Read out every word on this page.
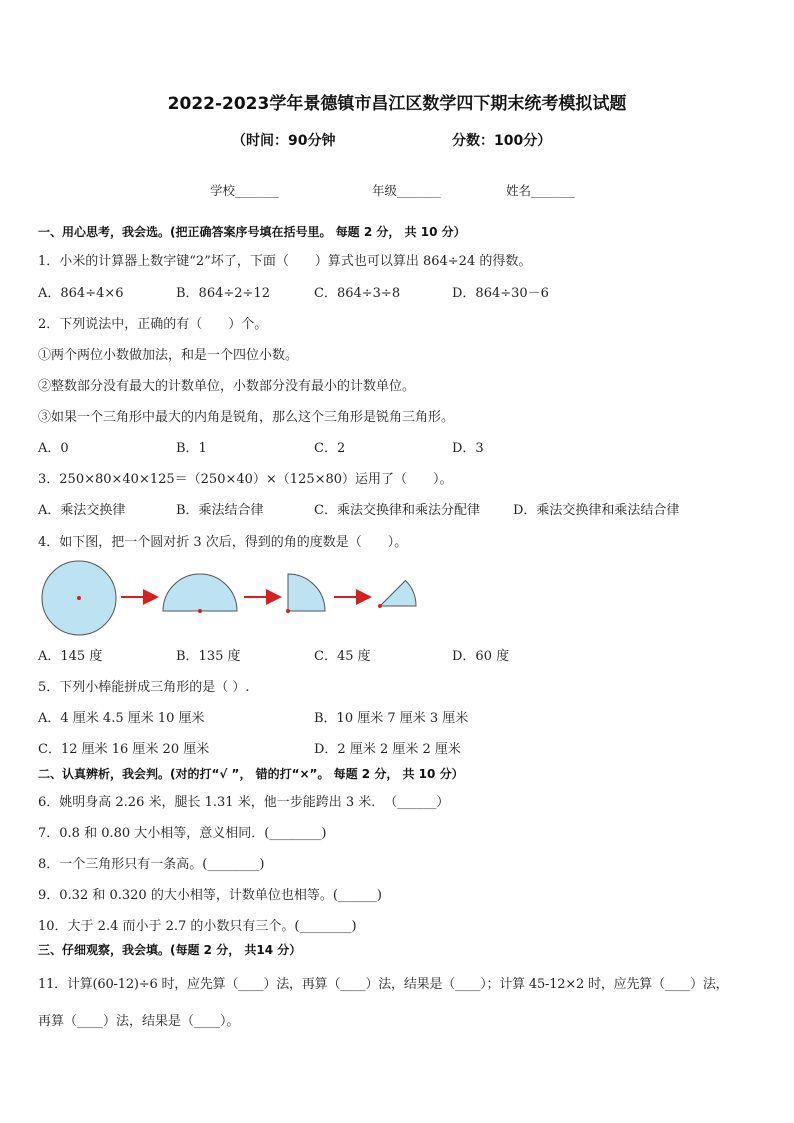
2022-2023学年景德镇市昌江区数学四下期末统考模拟试题
（时间：90分钟	分数：100分）
学校_______	年级_______	姓名_______
一、用心思考，我会选。(把正确答案序号填在括号里。 每题 2 分， 共 10 分）
1．小米的计算器上数字键“2”坏了，下面（　　）算式也可以算出 864÷24 的得数。
A．864÷4×6	B．864÷2÷12	C．864÷3÷8	D．864÷30－6
2．下列说法中，正确的有（　　）个。
①两个两位小数做加法，和是一个四位小数。
②整数部分没有最大的计数单位，小数部分没有最小的计数单位。
③如果一个三角形中最大的内角是锐角，那么这个三角形是锐角三角形。
A．0	B．1	C．2	D．3
3．250×80×40×125＝（250×40）×（125×80）运用了（　　）。
A．乘法交换律	B．乘法结合律	C．乘法交换律和乘法分配律	D．乘法交换律和乘法结合律
4．如下图，把一个圆对折 3 次后，得到的角的度数是（　　）。
A．145 度	B．135 度	C．45 度	D．60 度
5．下列小棒能拼成三角形的是（ ）.
A．4 厘米 4.5 厘米 10 厘米	B．10 厘米 7 厘米 3 厘米
C．12 厘米 16 厘米 20 厘米	D．2 厘米 2 厘米 2 厘米
二、认真辨析，我会判。(对的打“√ ”， 错的打“×”。 每题 2 分， 共 10 分）
6．姚明身高 2.26 米，腿长 1.31 米，他一步能跨出 3 米．　（______）
7．0.8 和 0.80 大小相等，意义相同．(________)
8．一个三角形只有一条高。(________)
9．0.32 和 0.320 的大小相等，计数单位也相等。(______)
10．大于 2.4 而小于 2.7 的小数只有三个。(________)
三、仔细观察，我会填。(每题 2 分， 共14 分）
11．计算(60-12)÷6 时，应先算（____）法，再算（____）法，结果是（____）；计算 45-12×2 时，应先算（____）法，
再算（____）法，结果是（____）。
